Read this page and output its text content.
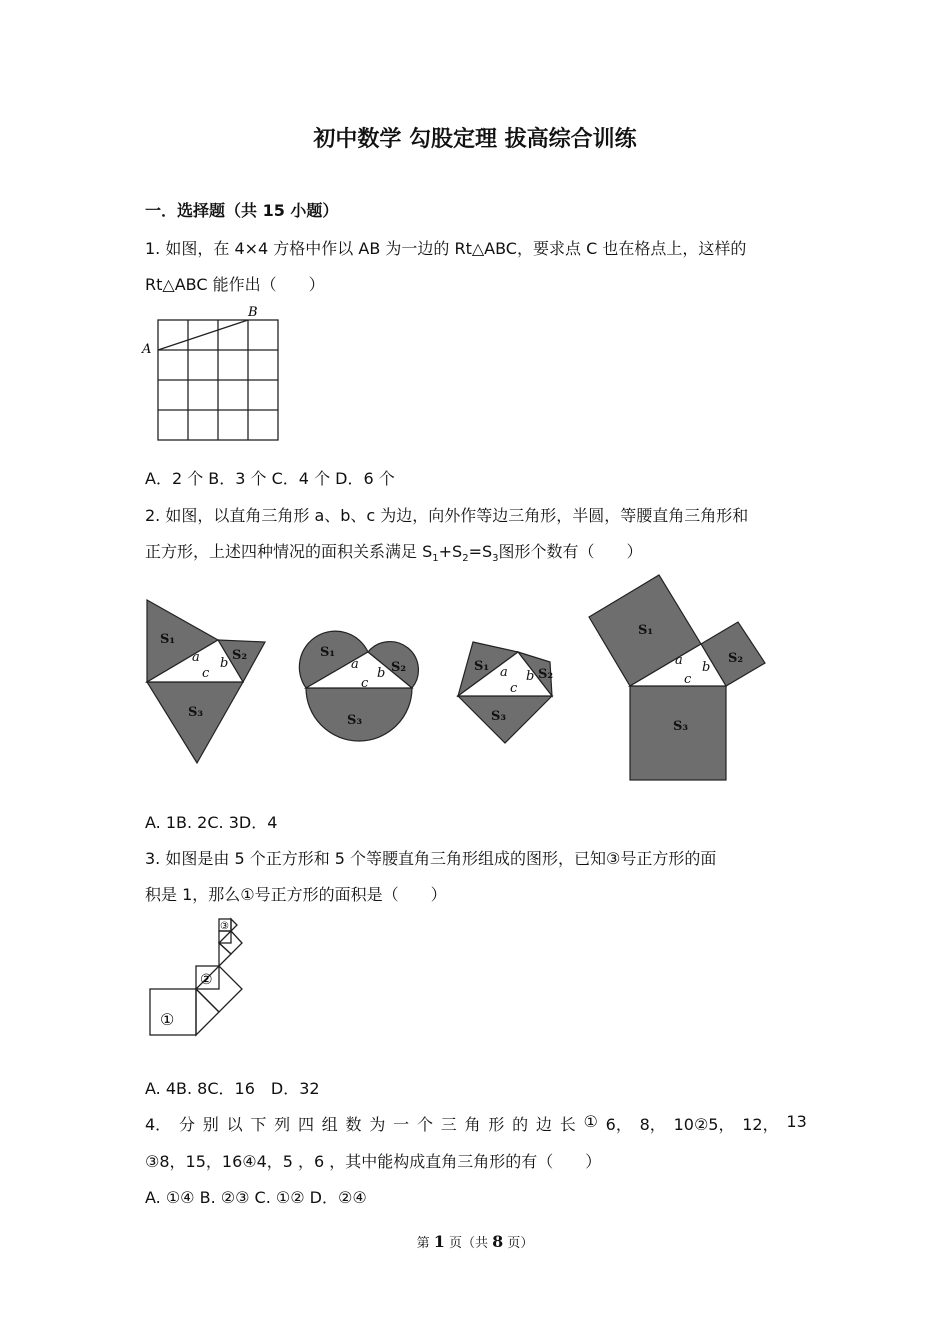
初中数学 勾股定理 拔高综合训练
一．选择题（共 15 小题）
1. 如图，在 4×4 方格中作以 AB 为一边的 Rt△ABC，要求点 C 也在格点上，这样的
Rt△ABC 能作出（　　）
A
B
A．2 个 B．3 个 C．4 个 D．6 个
2. 如图，以直角三角形 a、b、c 为边，向外作等边三角形，半圆，等腰直角三角形和
正方形，上述四种情况的面积关系满足 $S_1+S_2=S_3$图形个数有（　　）
S₁
S₂
S₃
S₁
S₂
S₃
S₁
S₂
S₃
S₁
S₂
S₃
a b
c
a
b
c
a b
c
a b
c
A. 1B. 2C. 3D．4
3. 如图是由 5 个正方形和 5 个等腰直角三角形组成的图形，已知③号正方形的面
积是 1，那么①号正方形的面积是（　　）
①
②
③
A. 4B. 8C．16　D．32
4． 分 别 以 下 列 四 组 数 为 一 个 三 角 形 的 边 长 ① 6， 8， 10②5， 12， 13
③8，15，16④4，5 ，6 ，其中能构成直角三角形的有（　　）
A. ①④ B. ②③ C. ①② D．②④
第 1 页（共 8 页）
